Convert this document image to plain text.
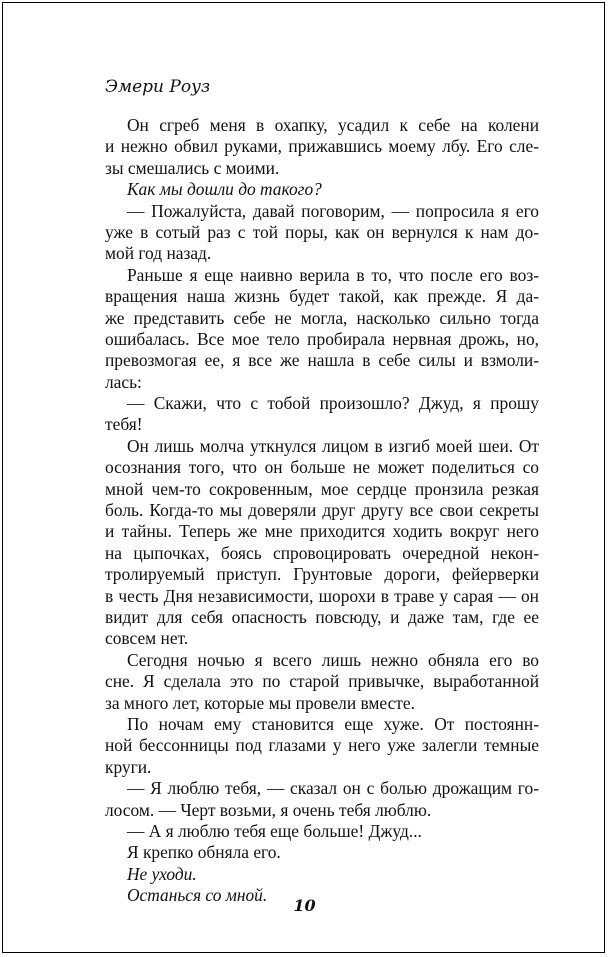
Эмери Роуз
Он сгреб меня в охапку, усадил к себе на колени
и нежно обвил руками, прижавшись моему лбу. Его сле-
зы смешались с моими.
Как мы дошли до такого?
— Пожалуйста, давай поговорим, — попросила я его
уже в сотый раз с той поры, как он вернулся к нам до-
мой год назад.
Раньше я еще наивно верила в то, что после его воз-
вращения наша жизнь будет такой, как прежде. Я да-
же представить себе не могла, насколько сильно тогда
ошибалась. Все мое тело пробирала нервная дрожь, но,
превозмогая ее, я все же нашла в себе силы и взмоли-
лась:
— Скажи, что с тобой произошло? Джуд, я прошу
тебя!
Он лишь молча уткнулся лицом в изгиб моей шеи. От
осознания того, что он больше не может поделиться со
мной чем-то сокровенным, мое сердце пронзила резкая
боль. Когда-то мы доверяли друг другу все свои секреты
и тайны. Теперь же мне приходится ходить вокруг него
на цыпочках, боясь спровоцировать очередной некон-
тролируемый приступ. Грунтовые дороги, фейерверки
в честь Дня независимости, шорохи в траве у сарая — он
видит для себя опасность повсюду, и даже там, где ее
совсем нет.
Сегодня ночью я всего лишь нежно обняла его во
сне. Я сделала это по старой привычке, выработанной
за много лет, которые мы провели вместе.
По ночам ему становится еще хуже. От постоянн-
ной бессонницы под глазами у него уже залегли темные
круги.
— Я люблю тебя, — сказал он с болью дрожащим го-
лосом. — Черт возьми, я очень тебя люблю.
— А я люблю тебя еще больше! Джуд...
Я крепко обняла его.
Не уходи.
Останься со мной.
10
